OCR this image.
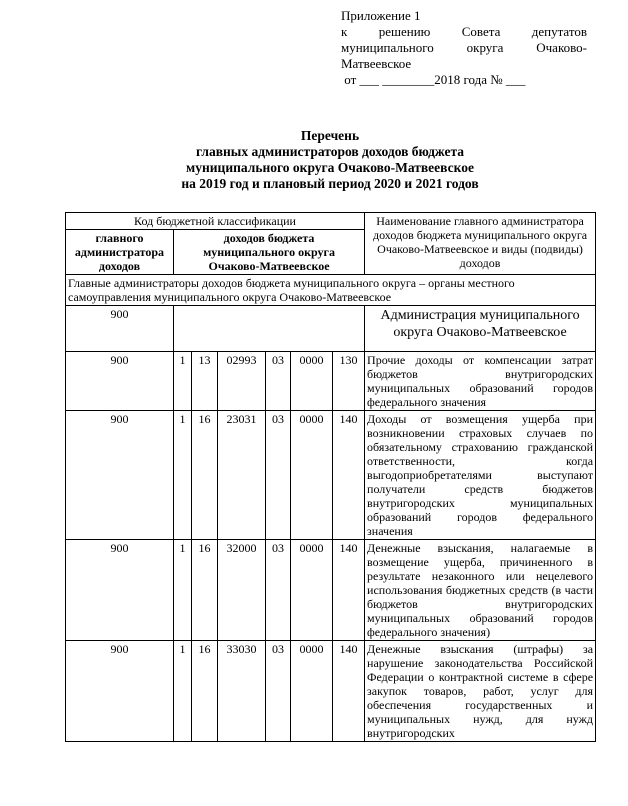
Приложение 1
к решению Совета депутатов
муниципального округа Очаково-
Матвеевское
от ___ ________2018 года № ___
Перечень
главных администраторов доходов бюджета
муниципального округа Очаково-Матвеевское
на 2019 год и плановый период 2020 и 2021 годов
Код бюджетной классификации							Наименование главного администратора доходов бюджета муниципального округа Очаково-Матвеевское и виды (подвиды) доходов
главного администратора доходов	доходов бюджета муниципального округа Очаково-Матвеевское						
Главные администраторы доходов бюджета муниципального округа – органы местного самоуправления муниципального округа Очаково-Матвеевское							
900							Администрация муниципального округа Очаково-Матвеевское
900	1	13	02993	03	0000	130	Прочие доходы от компенсации затрат бюджетов внутригородских муниципальных образований городов федерального значения
900	1	16	23031	03	0000	140	Доходы от возмещения ущерба при возникновении страховых случаев по обязательному страхованию гражданской ответственности, когда выгодоприобретателями выступают получатели средств бюджетов внутригородских муниципальных образований городов федерального значения
900	1	16	32000	03	0000	140	Денежные взыскания, налагаемые в возмещение ущерба, причиненного в результате незаконного или нецелевого использования бюджетных средств (в части бюджетов внутригородских муниципальных образований городов федерального значения)
900	1	16	33030	03	0000	140	Денежные взыскания (штрафы) за нарушение законодательства Российской Федерации о контрактной системе в сфере закупок товаров, работ, услуг для обеспечения государственных и муниципальных нужд, для нужд внутригородских
